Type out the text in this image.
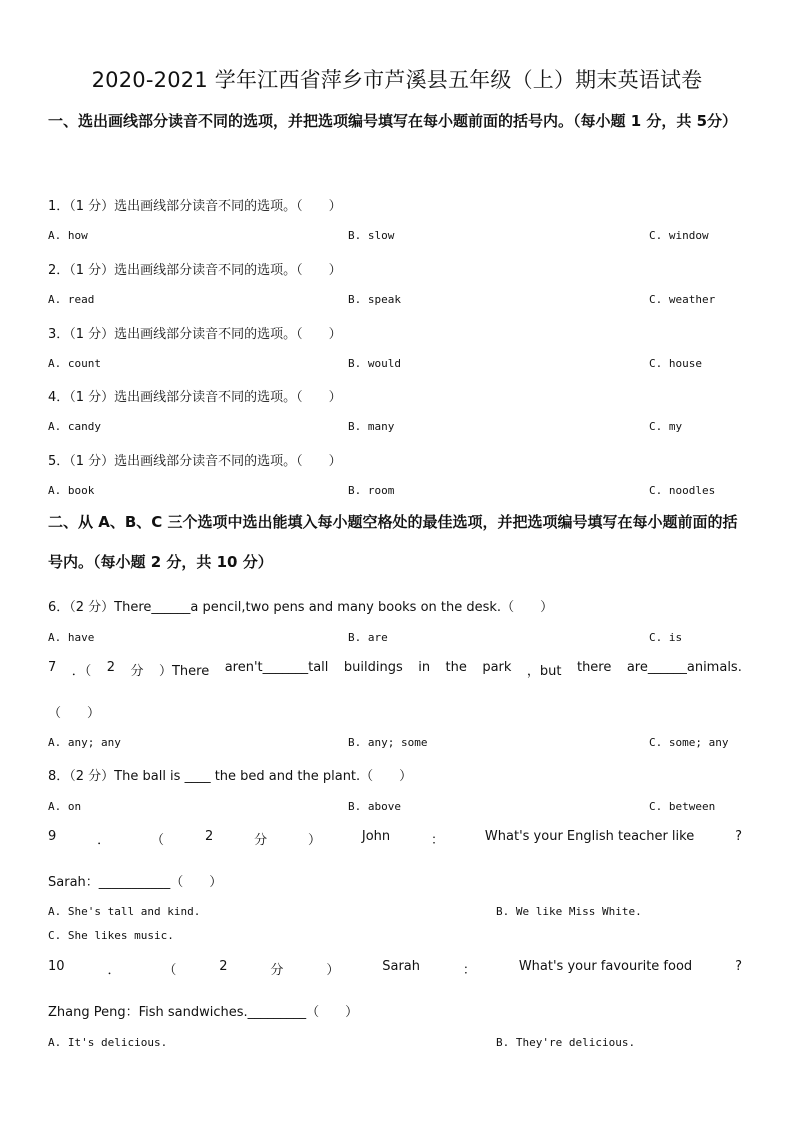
2020-2021 学年江西省萍乡市芦溪县五年级（上）期末英语试卷
一、选出画线部分读音不同的选项，并把选项编号填写在每小题前面的括号内。（每小题 1 分，共 5分）
1．（1 分）选出画线部分读音不同的选项。（　　）
A. how	B. slow	C. window
2．（1 分）选出画线部分读音不同的选项。（　　）
A. read	B. speak	C. weather
3．（1 分）选出画线部分读音不同的选项。（　　）
A. count	B. would	C. house
4．（1 分）选出画线部分读音不同的选项。（　　）
A. candy	B. many	C. my
5．（1 分）选出画线部分读音不同的选项。（　　）
A. book	B. room	C. noodles
二、从 A、B、C 三个选项中选出能填入每小题空格处的最佳选项，并把选项编号填写在每小题前面的括号内。（每小题 2 分，共 10 分）
6．（2 分）There______a pencil,two pens and many books on the desk.（　　）
A. have	B. are	C. is
7 ．（ 2 分 ）There aren't_______tall buildings in the park ，but there are______animals.
（　　）
A. any; any	B. any; some	C. some; any
8．（2 分）The ball is ____ the bed and the plant.（　　）
A. on	B. above	C. between
9	．	（	2	分	）	John	：	What's your English teacher like	?
Sarah：___________（　　）
A. She's tall and kind.	B. We like Miss White.
C. She likes music.
10	．	（	2	分	）	Sarah	：	What's your favourite food	?
Zhang Peng：Fish sandwiches._________（　　）
A. It's delicious.	B. They're delicious.
